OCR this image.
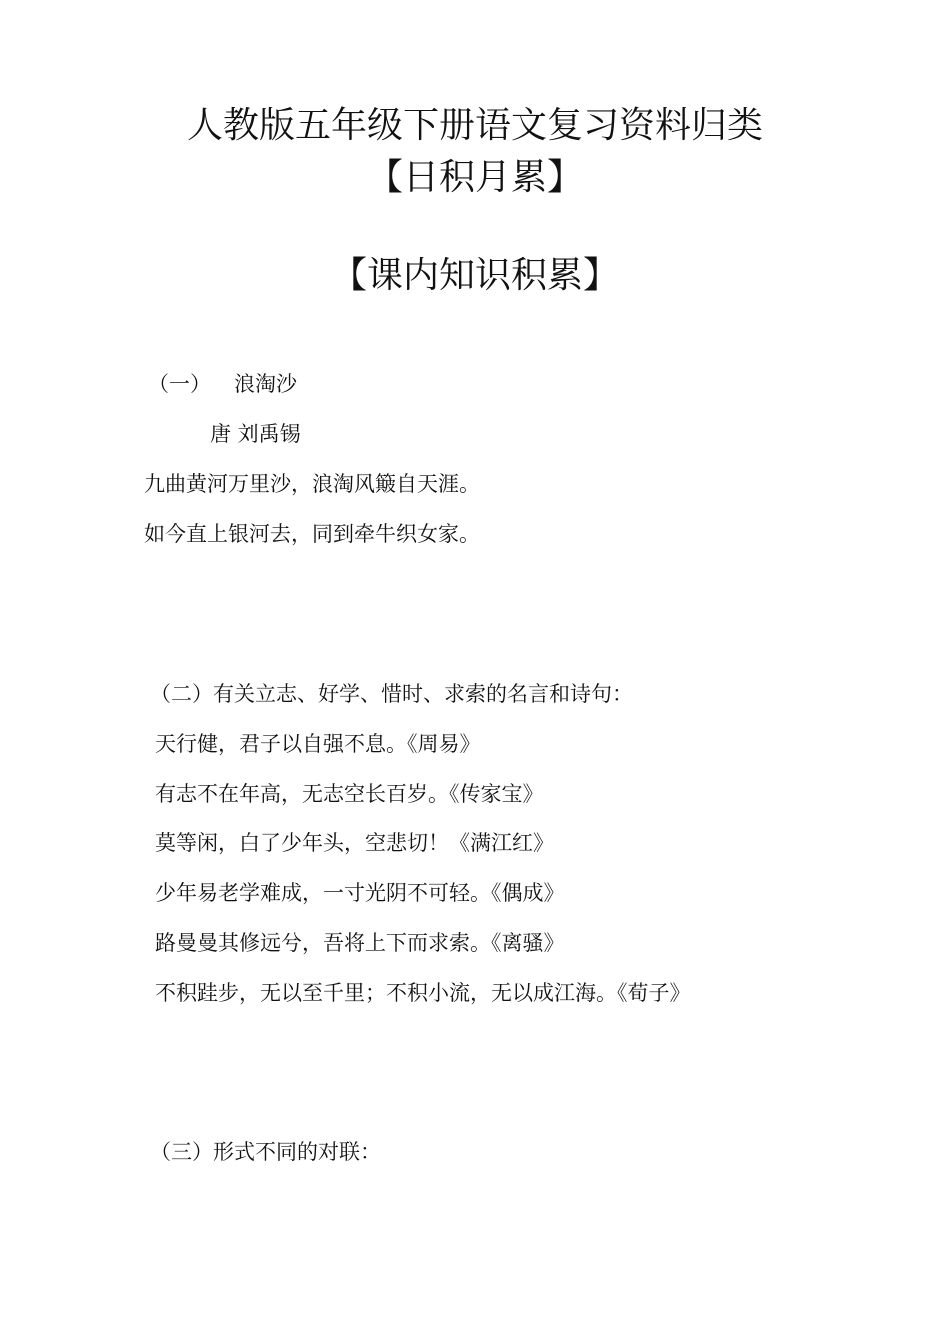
人教版五年级下册语文复习资料归类
【日积月累】
【课内知识积累】
（一） 浪淘沙
唐 刘禹锡
九曲黄河万里沙，浪淘风簸自天涯。
如今直上银河去，同到牵牛织女家。
（二）有关立志、好学、惜时、求索的名言和诗句：
天行健，君子以自强不息。《周易》
有志不在年高，无志空长百岁。《传家宝》
莫等闲，白了少年头，空悲切！《满江红》
少年易老学难成，一寸光阴不可轻。《偶成》
路曼曼其修远兮，吾将上下而求索。《离骚》
不积跬步，无以至千里；不积小流，无以成江海。《荀子》
（三）形式不同的对联：
